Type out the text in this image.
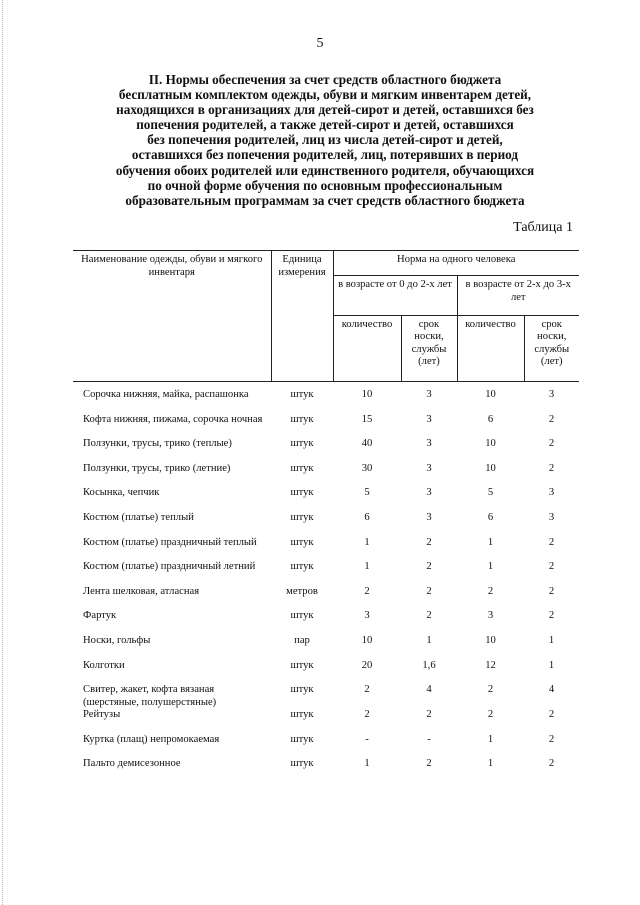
5
II. Нормы обеспечения за счет средств областного бюджета
бесплатным комплектом одежды, обуви и мягким инвентарем детей,
находящихся в организациях для детей-сирот и детей, оставшихся без
попечения родителей, а также детей-сирот и детей, оставшихся
без попечения родителей, лиц из числа детей-сирот и детей,
оставшихся без попечения родителей, лиц, потерявших в период
обучения обоих родителей или единственного родителя, обучающихся
по очной форме обучения по основным профессиональным
образовательным программам за счет средств областного бюджета
Таблица 1
Наименование одежды, обуви и мягкого инвентаря	Единица измерения	Норма на одного человека			
		в возрасте от 0 до 2-х лет		в возрасте от 2-х до 3-х лет	
		количество	срок носки, службы (лет)	количество	срок носки, службы (лет)
Сорочка нижняя, майка, распашонка	штук	10	3	10	3
Кофта нижняя, пижама, сорочка ночная	штук	15	3	6	2
Ползунки, трусы, трико (теплые)	штук	40	3	10	2
Ползунки, трусы, трико (летние)	штук	30	3	10	2
Косынка, чепчик	штук	5	3	5	3
Костюм (платье) теплый	штук	6	3	6	3
Костюм (платье) праздничный теплый	штук	1	2	1	2
Костюм (платье) праздничный летний	штук	1	2	1	2
Лента шелковая, атласная	метров	2	2	2	2
Фартук	штук	3	2	3	2
Носки, гольфы	пар	10	1	10	1
Колготки	штук	20	1,6	12	1
Свитер, жакет, кофта вязаная (шерстяные, полушерстяные)	штук	2	4	2	4
Рейтузы	штук	2	2	2	2
Куртка (плащ) непромокаемая	штук	-	-	1	2
Пальто демисезонное	штук	1	2	1	2
